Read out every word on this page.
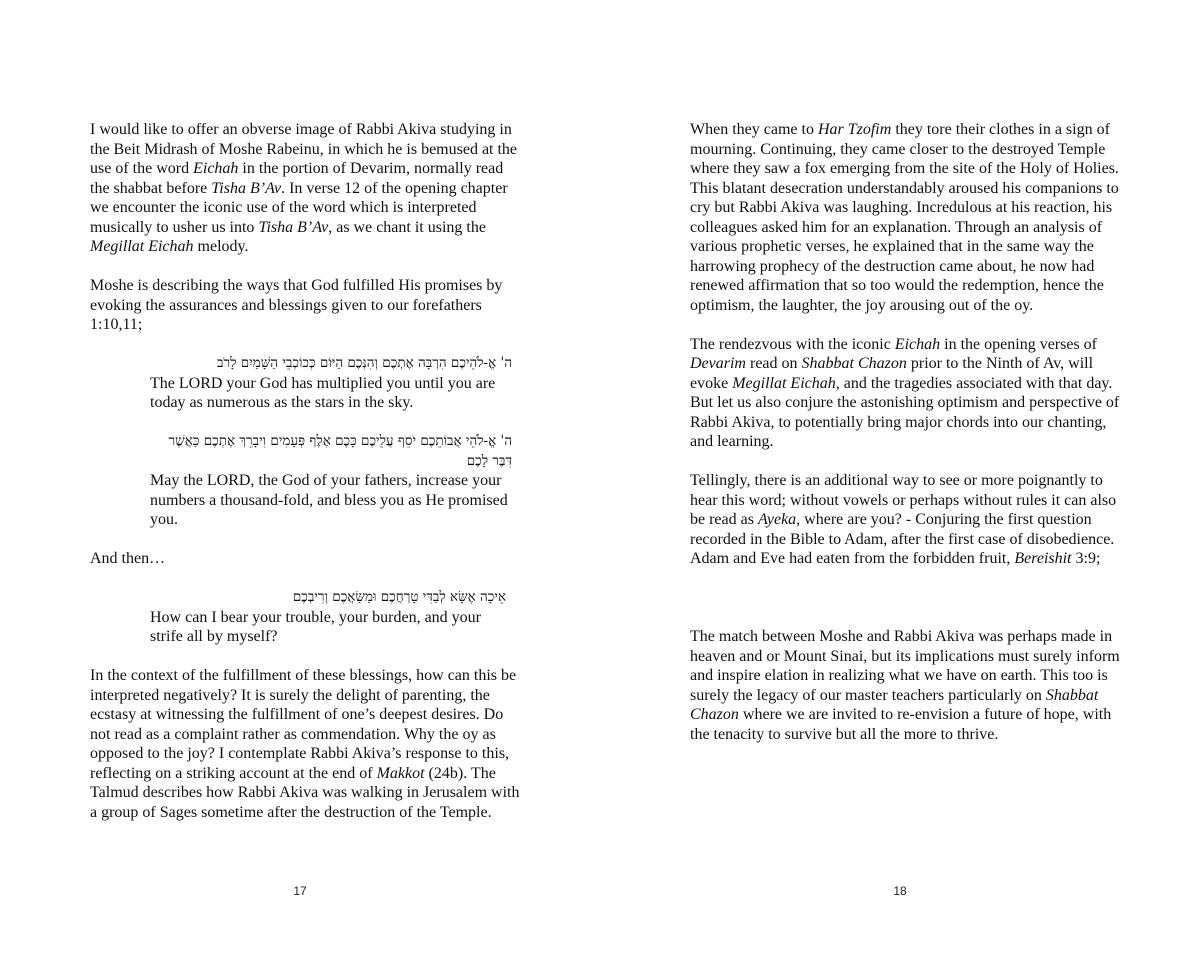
I would like to offer an obverse image of Rabbi Akiva studying in the Beit Midrash of Moshe Rabeinu, in which he is bemused at the use of the word Eichah in the portion of Devarim, normally read the shabbat before Tisha B’Av. In verse 12 of the opening chapter we encounter the iconic use of the word which is interpreted musically to usher us into Tisha B’Av, as we chant it using the Megillat Eichah melody.

Moshe is describing the ways that God fulfilled His promises by evoking the assurances and blessings given to our forefathers 1:10,11;

ה' אֱ-לֹהֵיכֶם הִרְבָּה אֶתְכֶם וְהִנְּכֶם הַיּוֹם כְּכוֹכְבֵי הַשָּׁמַיִם לָרֹב
The LORD your God has multiplied you until you are today as numerous as the stars in the sky.
ה' אֱ-לֹהֵי אֲבוֹתֵכֶם יֹסֵף עֲלֵיכֶם כָּכֶם אֶלֶף פְּעָמִים וִיבָרֵךְ אֶתְכֶם כַּאֲשֶׁר דִּבֶּר לָכֶם
May the LORD, the God of your fathers, increase your numbers a thousand-fold, and bless you as He promised you.

And then…

אֵיכָה אֶשָּׂא לְבַדִּי טָרְחֲכֶם וּמַשַּׂאֲכֶם וְרִיבְכֶם
How can I bear your trouble, your burden, and your strife all by myself?

In the context of the fulfillment of these blessings, how can this be interpreted negatively? It is surely the delight of parenting, the ecstasy at witnessing the fulfillment of one’s deepest desires. Do not read as a complaint rather as commendation. Why the oy as opposed to the joy? I contemplate Rabbi Akiva’s response to this, reflecting on a striking account at the end of Makkot (24b). The Talmud describes how Rabbi Akiva was walking in Jerusalem with a group of Sages sometime after the destruction of the Temple.

17

When they came to Har Tzofim they tore their clothes in a sign of mourning. Continuing, they came closer to the destroyed Temple where they saw a fox emerging from the site of the Holy of Holies. This blatant desecration understandably aroused his companions to cry but Rabbi Akiva was laughing. Incredulous at his reaction, his colleagues asked him for an explanation. Through an analysis of various prophetic verses, he explained that in the same way the harrowing prophecy of the destruction came about, he now had renewed affirmation that so too would the redemption, hence the optimism, the laughter, the joy arousing out of the oy.

The rendezvous with the iconic Eichah in the opening verses of Devarim read on Shabbat Chazon prior to the Ninth of Av, will evoke Megillat Eichah, and the tragedies associated with that day. But let us also conjure the astonishing optimism and perspective of Rabbi Akiva, to potentially bring major chords into our chanting, and learning.

Tellingly, there is an additional way to see or more poignantly to hear this word; without vowels or perhaps without rules it can also be read as Ayeka, where are you? - Conjuring the first question recorded in the Bible to Adam, after the first case of disobedience. Adam and Eve had eaten from the forbidden fruit, Bereishit 3:9;

The match between Moshe and Rabbi Akiva was perhaps made in heaven and or Mount Sinai, but its implications must surely inform and inspire elation in realizing what we have on earth. This too is surely the legacy of our master teachers particularly on Shabbat Chazon where we are invited to re-envision a future of hope, with the tenacity to survive but all the more to thrive.

18
